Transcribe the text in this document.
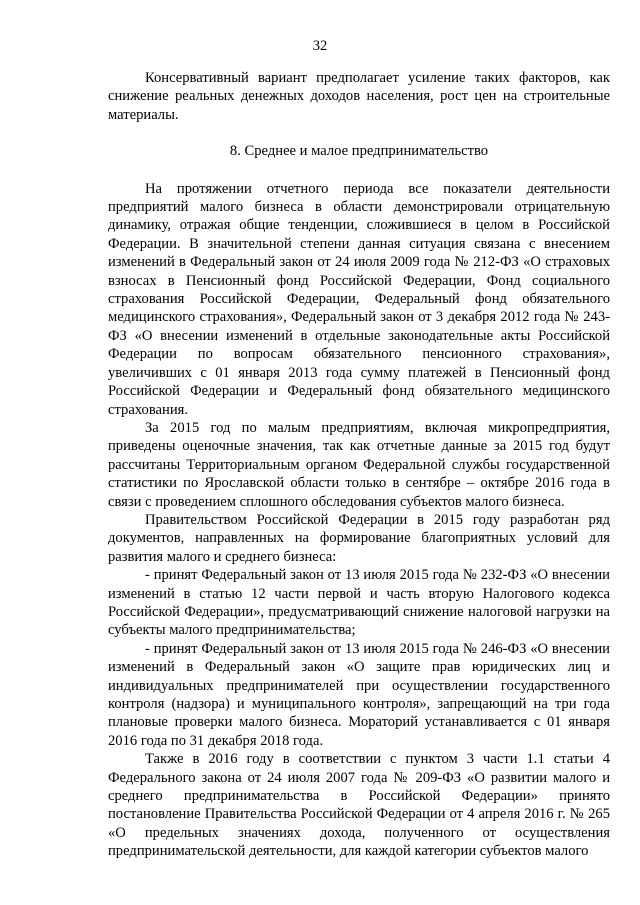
32

Консервативный вариант предполагает усиление таких факторов, как снижение реальных денежных доходов населения, рост цен на строительные материалы.

8. Среднее и малое предпринимательство

На протяжении отчетного периода все показатели деятельности предприятий малого бизнеса в области демонстрировали отрицательную динамику, отражая общие тенденции, сложившиеся в целом в Российской Федерации. В значительной степени данная ситуация связана с внесением изменений в Федеральный закон от 24 июля 2009 года № 212-ФЗ «О страховых взносах в Пенсионный фонд Российской Федерации, Фонд социального страхования Российской Федерации, Федеральный фонд обязательного медицинского страхования», Федеральный закон от 3 декабря 2012 года № 243-ФЗ «О внесении изменений в отдельные законодательные акты Российской Федерации по вопросам обязательного пенсионного страхования», увеличивших с 01 января 2013 года сумму платежей в Пенсионный фонд Российской Федерации и Федеральный фонд обязательного медицинского страхования.

За 2015 год по малым предприятиям, включая микропредприятия, приведены оценочные значения, так как отчетные данные за 2015 год будут рассчитаны Территориальным органом Федеральной службы государственной статистики по Ярославской области только в сентябре – октябре 2016 года в связи с проведением сплошного обследования субъектов малого бизнеса.

Правительством Российской Федерации в 2015 году разработан ряд документов, направленных на формирование благоприятных условий для развития малого и среднего бизнеса:

- принят Федеральный закон от 13 июля 2015 года № 232-ФЗ «О внесении изменений в статью 12 части первой и часть вторую Налогового кодекса Российской Федерации», предусматривающий снижение налоговой нагрузки на субъекты малого предпринимательства;

- принят Федеральный закон от 13 июля 2015 года № 246-ФЗ «О внесении изменений в Федеральный закон «О защите прав юридических лиц и индивидуальных предпринимателей при осуществлении государственного контроля (надзора) и муниципального контроля», запрещающий на три года плановые проверки малого бизнеса. Мораторий устанавливается с 01 января 2016 года по 31 декабря 2018 года.

Также в 2016 году в соответствии с пунктом 3 части 1.1 статьи 4 Федерального закона от 24 июля 2007 года № 209-ФЗ «О развитии малого и среднего предпринимательства в Российской Федерации» принято постановление Правительства Российской Федерации от 4 апреля 2016 г. № 265 «О предельных значениях дохода, полученного от осуществления предпринимательской деятельности, для каждой категории субъектов малого
